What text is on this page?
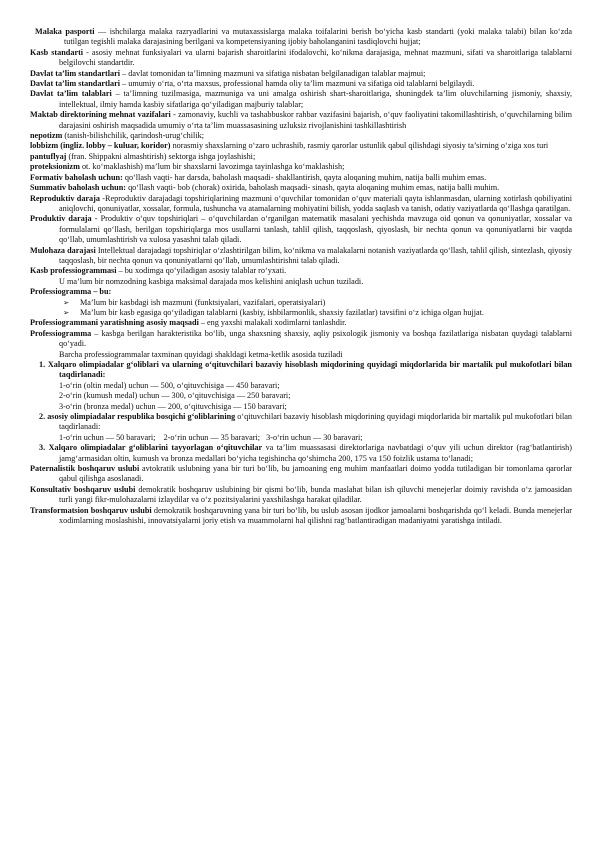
Malaka pasporti — ishchilarga malaka razryadlarini va mutaxassislarga malaka toifalarini berish bo‘yicha kasb standarti (yoki malaka talabi) bilan ko‘zda tutilgan tegishli malaka darajasining berilgani va kompetensiyaning ijobiy baholanganini tasdiqlovchi hujjat;

Kasb standarti - asosiy mehnat funksiyalari va ularni bajarish sharoitlarini ifodalovchi, ko‘nikma darajasiga, mehnat mazmuni, sifati va sharoitlariga talablarni belgilovchi standartdir.

Davlat ta’lim standartlari – davlat tomonidan ta’limning mazmuni va sifatiga nisbatan belgilanadigan talablar majmui;

Davlat ta’lim standartlari – umumiy o‘rta, o‘rta maxsus, professional hamda oliy ta’lim mazmuni va sifatiga oid talablarni belgilaydi.

Davlat ta’lim talablari – ta’limning tuzilmasiga, mazmuniga va uni amalga oshirish shart-sharoitlariga, shuningdek ta’lim oluvchilarning jismoniy, shaxsiy, intellektual, ilmiy hamda kasbiy sifatlariga qo‘yiladigan majburiy talablar;

Maktab direktorining mehnat vazifalari - zamonaviy, kuchli va tashabbuskor rahbar vazifasini bajarish, o‘quv faoliyatini takomillashtirish, o‘quvchilarning bilim darajasini oshirish maqsadida umumiy o‘rta ta’lim muassasasining uzluksiz rivojlanishini tashkillashtirish

nepotizm (tanish-bilishchilik, qarindosh-urug‘chilik;

lobbizm (ingliz. lobby – kuluar, koridor) norasmiy shaxslarning o‘zaro uchrashib, rasmiy qarorlar ustunlik qabul qilishdagi siyosiy ta’sirning o‘ziga xos turi

pantuflyaj (fran. Shippakni almashtirish) sektorga ishga joylashishi;

proteksionizm ot. ko‘maklashish) ma’lum bir shaxslarni lavozimga tayinlashga ko‘maklashish;

Formativ baholash uchun: qo‘llash vaqti- har darsda, baholash maqsadi- shakllantirish, qayta aloqaning muhim, natija balli muhim emas.

Summativ baholash uchun: qo‘llash vaqti- bob (chorak) oxirida, baholash maqsadi- sinash, qayta aloqaning muhim emas, natija balli muhim.

Reproduktiv daraja -Reproduktiv darajadagi topshiriqlarining mazmuni o‘quvchilar tomonidan o‘quv materiali qayta ishlanmasdan, ularning xotirlash qobiliyatini aniqlovchi, qonuniyatlar, xossalar, formula, tushuncha va atamalarning mohiyatini bilish, yodda saqlash va tanish, odatiy vaziyatlarda qo‘llashga qaratilgan.

Produktiv daraja - Produktiv o‘quv topshiriqlari – o‘quvchilardan o‘rganilgan matematik masalani yechishda mavzuga oid qonun va qonuniyatlar, xossalar va formulalarni qo‘llash, berilgan topshiriqlarga mos usullarni tanlash, tahlil qilish, taqqoslash, qiyoslash, bir nechta qonun va qonuniyatlarni bir vaqtda qo‘llab, umumlashtirish va xulosa yasashni talab qiladi.

Mulohaza darajasi Intellektual darajadagi topshiriqlar o‘zlashtirilgan bilim, ko‘nikma va malakalarni notanish vaziyatlarda qo‘llash, tahlil qilish, sintezlash, qiyosiy taqqoslash, bir nechta qonun va qonuniyatlarni qo‘llab, umumlashtirishni talab qiladi.

Kasb professiogrammasi – bu xodimga qo‘yiladigan asosiy talablar ro‘yxati.

U ma’lum bir nomzodning kasbiga maksimal darajada mos kelishini aniqlash uchun tuziladi.

Professiogramma – bu:

➢ Ma’lum bir kasbdagi ish mazmuni (funktsiyalari, vazifalari, operatsiyalari)

➢ Ma’lum bir kasb egasiga qo‘yiladigan talablarni (kasbiy, ishbilarmonlik, shaxsiy fazilatlar) tavsifini o‘z ichiga olgan hujjat.

Professiogrammani yaratishning asosiy maqsadi – eng yaxshi malakali xodimlarni tanlashdir.

Professiogramma – kasbga berilgan harakteristika bo‘lib, unga shaxsning shaxsiy, aqliy psixologik jismoniy va boshqa fazilatlariga nisbatan quydagi talablarni qo‘yadi.

Barcha professiogrammalar taxminan quyidagi shakldagi ketma-ketlik asosida tuziladi

1. Xalqaro olimpiadalar g‘oliblari va ularning o‘qituvchilari bazaviy hisoblash miqdorining quyidagi miqdorlarida bir martalik pul mukofotlari bilan taqdirlanadi:

1-o‘rin (oltin medal) uchun — 500, o‘qituvchisiga — 450 baravari;

2-o‘rin (kumush medal) uchun — 300, o‘qituvchisiga — 250 baravari;

3-o‘rin (bronza medal) uchun — 200, o‘qituvchisiga — 150 baravari;

2. asosiy olimpiadalar respublika bosqichi g‘oliblarining o‘qituvchilari bazaviy hisoblash miqdorining quyidagi miqdorlarida bir martalik pul mukofotlari bilan taqdirlanadi:

1-o‘rin uchun — 50 baravari;    2-o‘rin uchun — 35 baravari;   3-o‘rin uchun — 30 baravari;

3. Xalqaro olimpiadalar g‘oliblarini tayyorlagan o‘qituvchilar va ta’lim muassasasi direktorlariga navbatdagi o‘quv yili uchun direktor (rag‘batlantirish) jamg‘armasidan oltin, kumush va bronza medallari bo‘yicha tegishincha qo‘shimcha 200, 175 va 150 foizlik ustama to‘lanadi;

Paternalistik boshqaruv uslubi avtokratik uslubning yana bir turi bo‘lib, bu jamoaning eng muhim manfaatlari doimo yodda tutiladigan bir tomonlama qarorlar qabul qilishga asoslanadi.

Konsultativ boshqaruv uslubi demokratik boshqaruv uslubining bir qismi bo‘lib, bunda maslahat bilan ish qiluvchi menejerlar doimiy ravishda o‘z jamoasidan turli yangi fikr-mulohazalarni izlaydilar va o‘z pozitsiyalarini yaxshilashga harakat qiladilar.

Transformatsion boshqaruv uslubi demokratik boshqaruvning yana bir turi bo‘lib, bu uslub asosan ijodkor jamoalarni boshqarishda qo‘l keladi. Bunda menejerlar xodimlarning moslashishi, innovatsiyalarni joriy etish va muammolarni hal qilishni rag‘batlantiradigan madaniyatni yaratishga intiladi.
